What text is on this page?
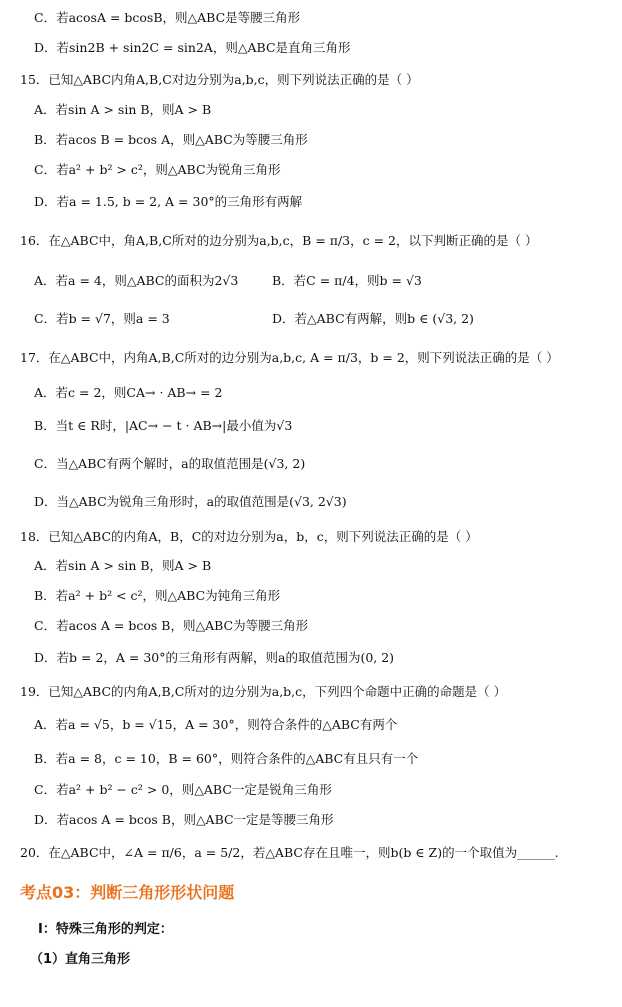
C．若acosA = bcosB，则△ABC是等腰三角形
D．若sin2B + sin2C = sin2A，则△ABC是直角三角形
15．已知△ABC内角A,B,C对边分别为a,b,c，则下列说法正确的是（ ）
A．若sin A > sin B，则A > B
B．若acos B = bcos A，则△ABC为等腰三角形
C．若a² + b² > c²，则△ABC为锐角三角形
D．若a = 1.5, b = 2, A = 30°的三角形有两解
16．在△ABC中，角A,B,C所对的边分别为a,b,c，B = π/3，c = 2，以下判断正确的是（ ）
A．若a = 4，则△ABC的面积为2√3	B．若C = π/4，则b = √3
C．若b = √7，则a = 3	D．若△ABC有两解，则b ∈ (√3, 2)
17．在△ABC中，内角A,B,C所对的边分别为a,b,c, A = π/3，b = 2，则下列说法正确的是（ ）
A．若c = 2，则CA→ · AB→ = 2
B．当t ∈ R时，|AC→ − t · AB→|最小值为√3
C．当△ABC有两个解时，a的取值范围是(√3, 2)
D．当△ABC为锐角三角形时，a的取值范围是(√3, 2√3)
18．已知△ABC的内角A，B，C的对边分别为a，b，c，则下列说法正确的是（ ）
A．若sin A > sin B，则A > B
B．若a² + b² < c²，则△ABC为钝角三角形
C．若acos A = bcos B，则△ABC为等腰三角形
D．若b = 2，A = 30°的三角形有两解，则a的取值范围为(0, 2)
19．已知△ABC的内角A,B,C所对的边分别为a,b,c，下列四个命题中正确的命题是（ ）
A．若a = √5，b = √15，A = 30°，则符合条件的△ABC有两个
B．若a = 8，c = 10，B = 60°，则符合条件的△ABC有且只有一个
C．若a² + b² − c² > 0，则△ABC一定是锐角三角形
D．若acos A = bcos B，则△ABC一定是等腰三角形
20．在△ABC中，∠A = π/6，a = 5/2，若△ABC存在且唯一，则b(b ∈ Z)的一个取值为______.
考点03：判断三角形形状问题
Ⅰ：特殊三角形的判定：
（1）直角三角形
